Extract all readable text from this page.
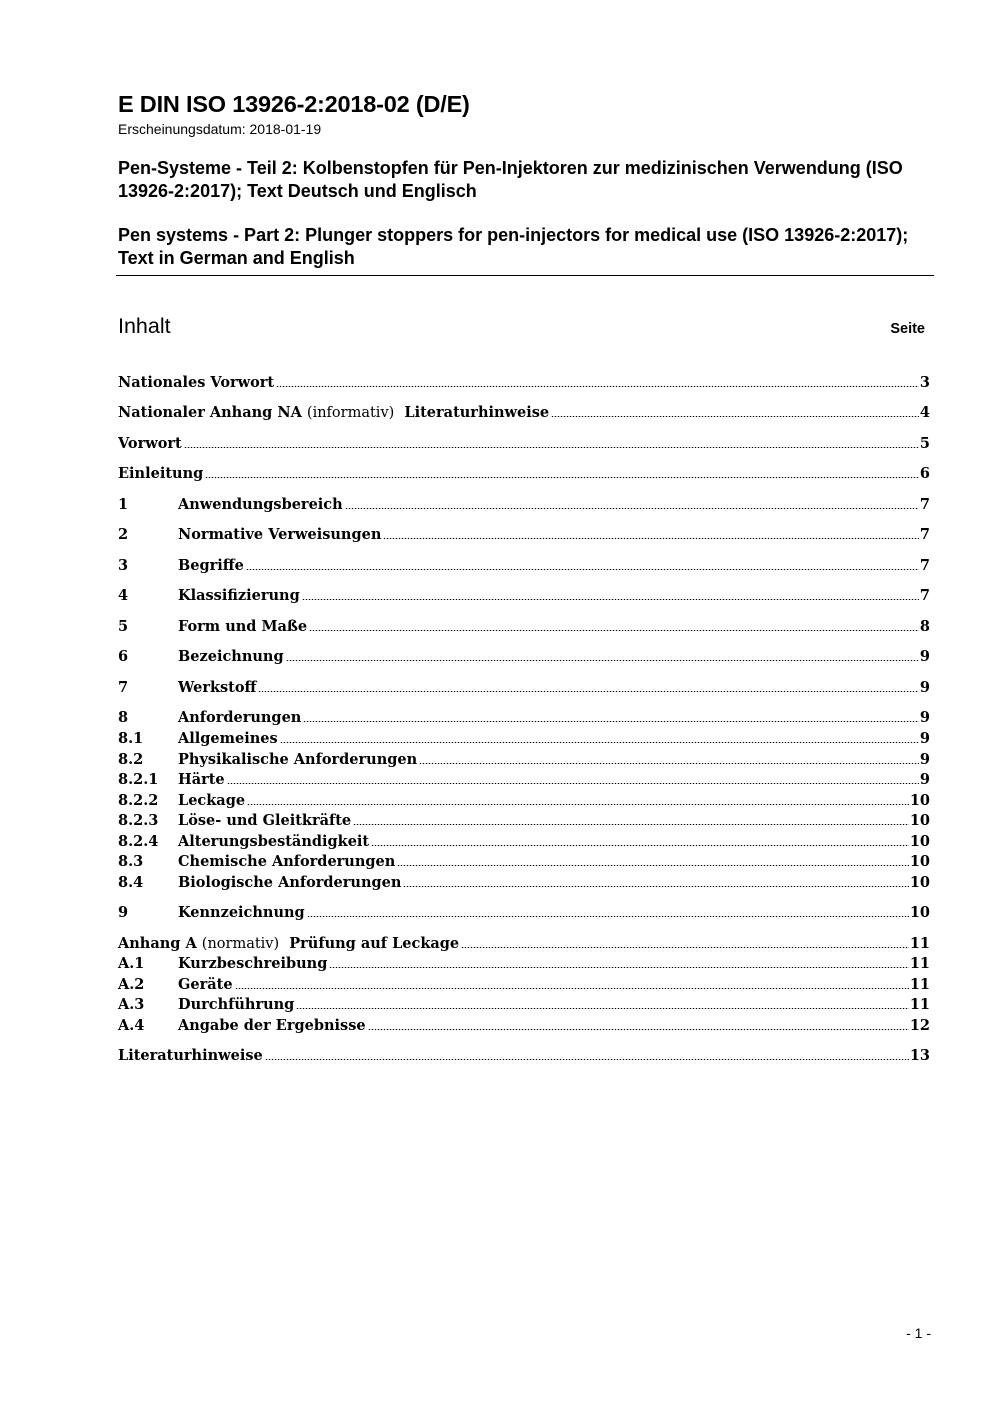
E DIN ISO 13926-2:2018-02 (D/E)
Erscheinungsdatum: 2018-01-19
Pen-Systeme - Teil 2: Kolbenstopfen für Pen-Injektoren zur medizinischen Verwendung (ISO 13926-2:2017); Text Deutsch und Englisch
Pen systems - Part 2: Plunger stoppers for pen-injectors for medical use (ISO 13926-2:2017); Text in German and English
Inhalt	Seite
Nationales Vorwort	3
Nationaler Anhang NA (informativ) Literaturhinweise	4
Vorwort	5
Einleitung	6
1	Anwendungsbereich	7
2	Normative Verweisungen	7
3	Begriffe	7
4	Klassifizierung	7
5	Form und Maße	8
6	Bezeichnung	9
7	Werkstoff	9
8	Anforderungen	9
8.1	Allgemeines	9
8.2	Physikalische Anforderungen	9
8.2.1	Härte	9
8.2.2	Leckage	10
8.2.3	Löse- und Gleitkräfte	10
8.2.4	Alterungsbeständigkeit	10
8.3	Chemische Anforderungen	10
8.4	Biologische Anforderungen	10
9	Kennzeichnung	10
Anhang A (normativ) Prüfung auf Leckage	11
A.1	Kurzbeschreibung	11
A.2	Geräte	11
A.3	Durchführung	11
A.4	Angabe der Ergebnisse	12
Literaturhinweise	13
- 1 -
